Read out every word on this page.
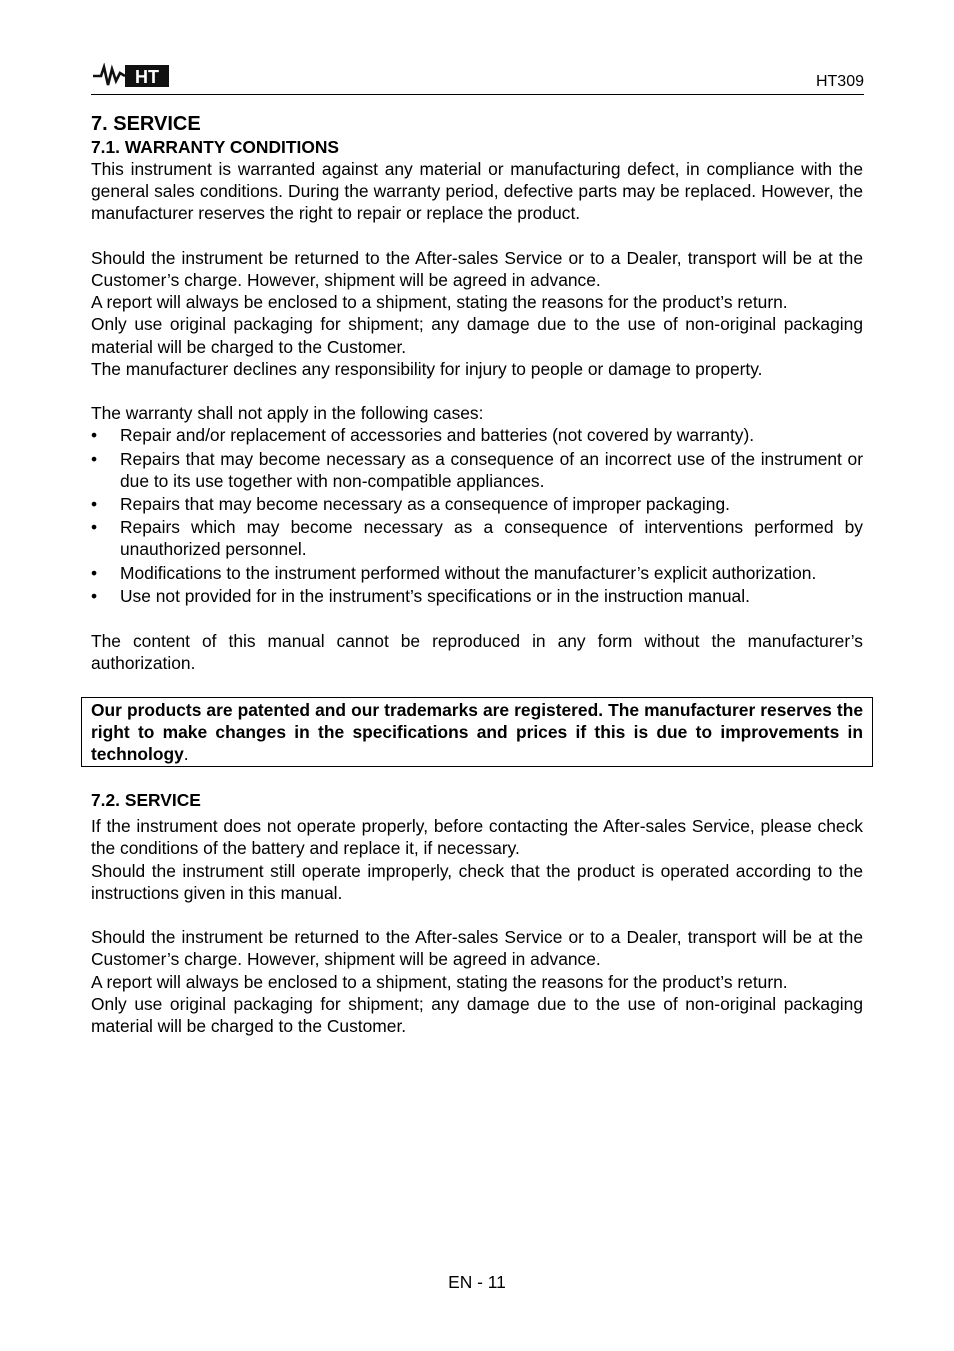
HT	HT309
7. SERVICE
7.1. WARRANTY CONDITIONS

This instrument is warranted against any material or manufacturing defect, in compliance with the general sales conditions. During the warranty period, defective parts may be replaced. However, the manufacturer reserves the right to repair or replace the product.

Should the instrument be returned to the After-sales Service or to a Dealer, transport will be at the Customer’s charge. However, shipment will be agreed in advance.

A report will always be enclosed to a shipment, stating the reasons for the product’s return.

Only use original packaging for shipment; any damage due to the use of non-original packaging material will be charged to the Customer.

The manufacturer declines any responsibility for injury to people or damage to property.

The warranty shall not apply in the following cases:

• Repair and/or replacement of accessories and batteries (not covered by warranty).
• Repairs that may become necessary as a consequence of an incorrect use of the instrument or due to its use together with non-compatible appliances.
• Repairs that may become necessary as a consequence of improper packaging.
• Repairs which may become necessary as a consequence of interventions performed by unauthorized personnel.
• Modifications to the instrument performed without the manufacturer’s explicit authorization.
• Use not provided for in the instrument’s specifications or in the instruction manual.

The content of this manual cannot be reproduced in any form without the manufacturer’s authorization.

Our products are patented and our trademarks are registered. The manufacturer reserves the right to make changes in the specifications and prices if this is due to improvements in technology.
7.2. SERVICE

If the instrument does not operate properly, before contacting the After-sales Service, please check the conditions of the battery and replace it, if necessary.

Should the instrument still operate improperly, check that the product is operated according to the instructions given in this manual.

Should the instrument be returned to the After-sales Service or to a Dealer, transport will be at the Customer’s charge. However, shipment will be agreed in advance.

A report will always be enclosed to a shipment, stating the reasons for the product’s return.

Only use original packaging for shipment; any damage due to the use of non-original packaging material will be charged to the Customer.

EN - 11
